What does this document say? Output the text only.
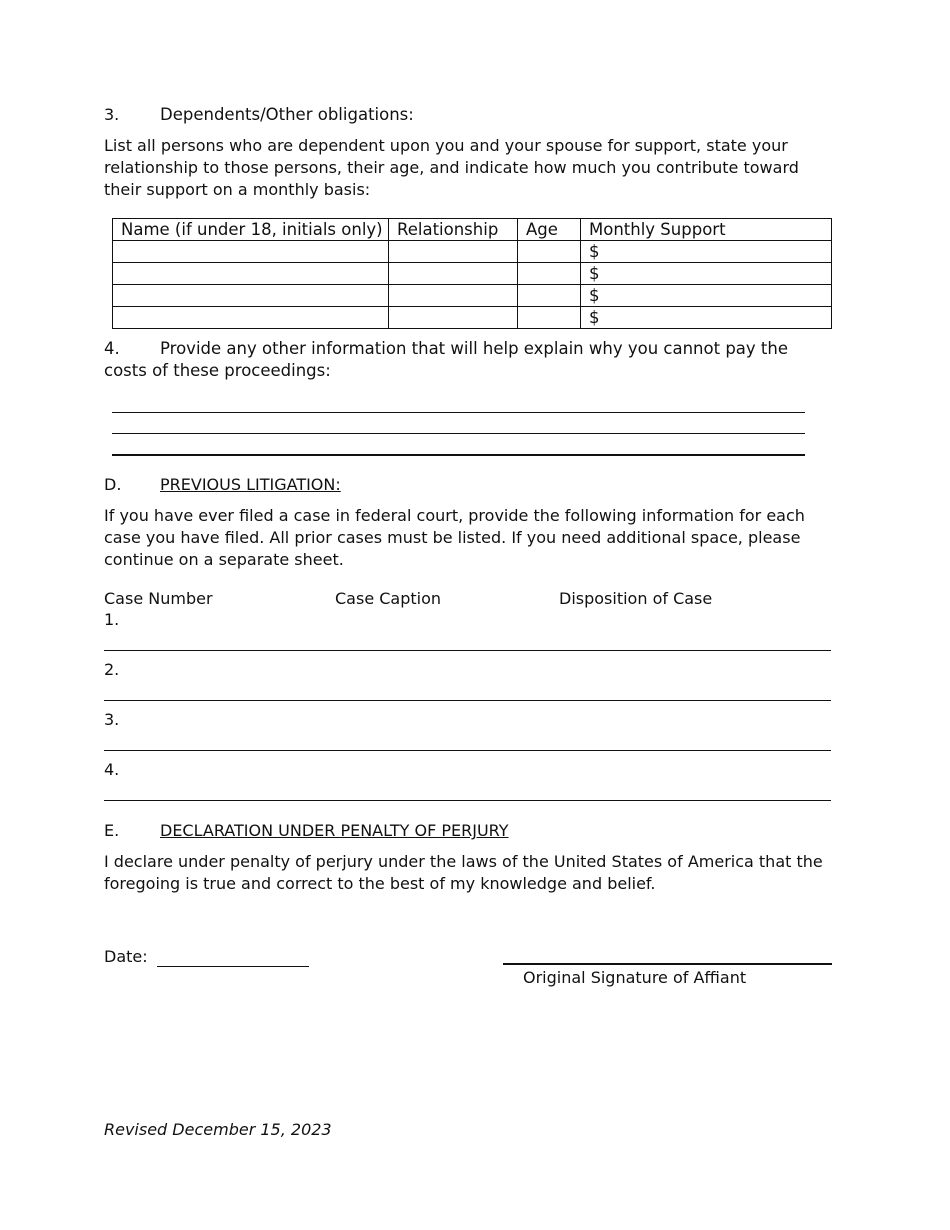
3. Dependents/Other obligations:
List all persons who are dependent upon you and your spouse for support, state your relationship to those persons, their age, and indicate how much you contribute toward their support on a monthly basis:
Name (if under 18, initials only)	Relationship	Age	Monthly Support
			$
			$
			$
			$
4. Provide any other information that will help explain why you cannot pay the
costs of these proceedings:
D. PREVIOUS LITIGATION:
If you have ever filed a case in federal court, provide the following information for each case you have filed. All prior cases must be listed. If you need additional space, please continue on a separate sheet.
Case Number	Case Caption	Disposition of Case
1.
2.
3.
4.
E.	DECLARATION UNDER PENALTY OF PERJURY
I declare under penalty of perjury under the laws of the United States of America that the foregoing is true and correct to the best of my knowledge and belief.
Date:
Original Signature of Affiant
Revised December 15, 2023
